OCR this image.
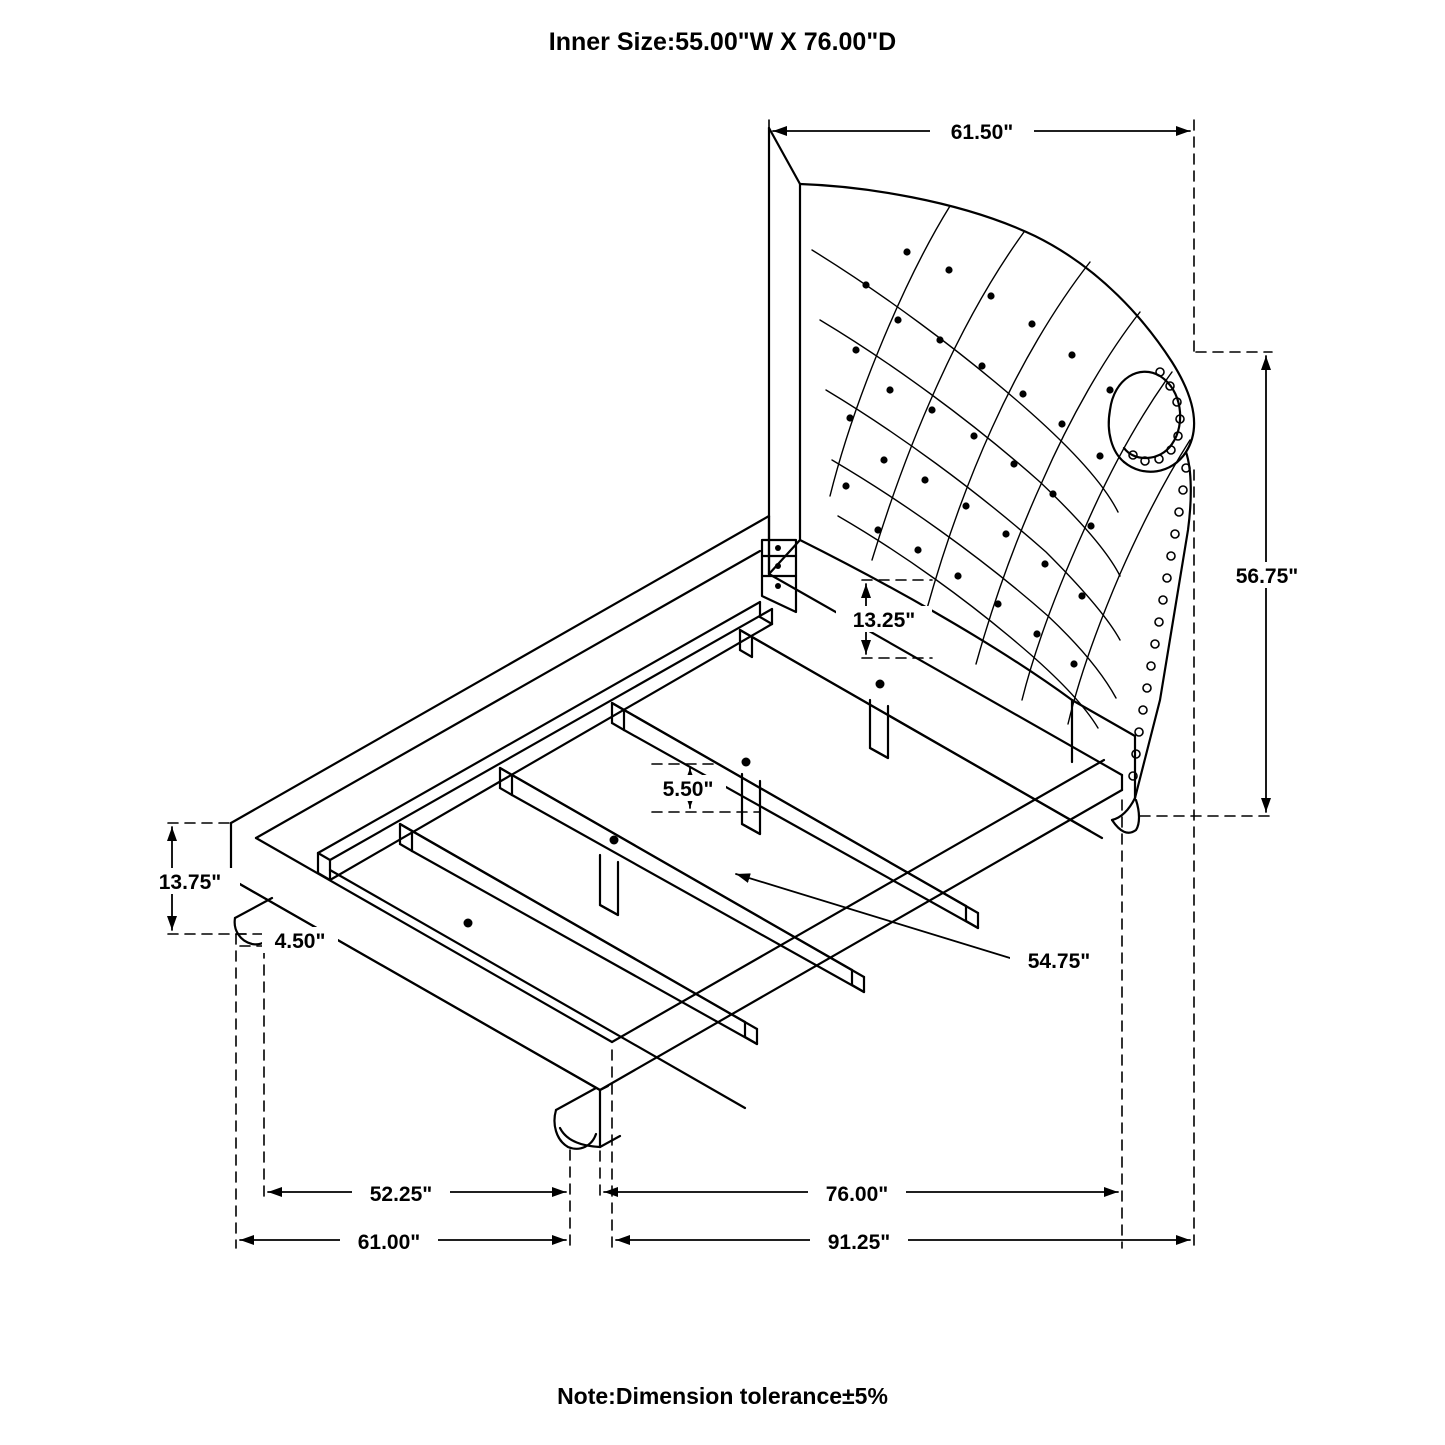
Inner Size:55.00"W X 76.00"D
61.50"
56.75"
13.25"
5.50"
13.75"
4.50"
54.75"
52.25"	76.00"
61.00"	91.25"
Note:Dimension tolerance±5%
